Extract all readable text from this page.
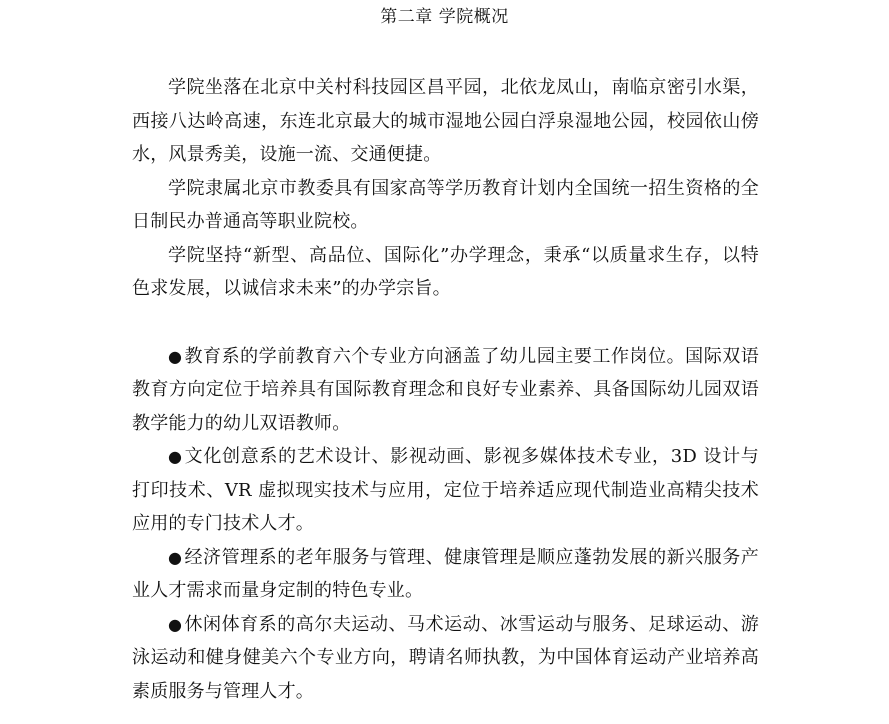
第二章 学院概况

学院坐落在北京中关村科技园区昌平园，北依龙凤山，南临京密引水渠，西接八达岭高速，东连北京最大的城市湿地公园白浮泉湿地公园，校园依山傍水，风景秀美，设施一流、交通便捷。

学院隶属北京市教委具有国家高等学历教育计划内全国统一招生资格的全日制民办普通高等职业院校。

学院坚持“新型、高品位、国际化”办学理念，秉承“以质量求生存，以特色求发展，以诚信求未来”的办学宗旨。

● 教育系的学前教育六个专业方向涵盖了幼儿园主要工作岗位。国际双语教育方向定位于培养具有国际教育理念和良好专业素养、具备国际幼儿园双语教学能力的幼儿双语教师。

● 文化创意系的艺术设计、影视动画、影视多媒体技术专业，3D 设计与打印技术、VR 虚拟现实技术与应用，定位于培养适应现代制造业高精尖技术应用的专门技术人才。

● 经济管理系的老年服务与管理、健康管理是顺应蓬勃发展的新兴服务产业人才需求而量身定制的特色专业。

● 休闲体育系的高尔夫运动、马术运动、冰雪运动与服务、足球运动、游泳运动和健身健美六个专业方向，聘请名师执教，为中国体育运动产业培养高素质服务与管理人才。
